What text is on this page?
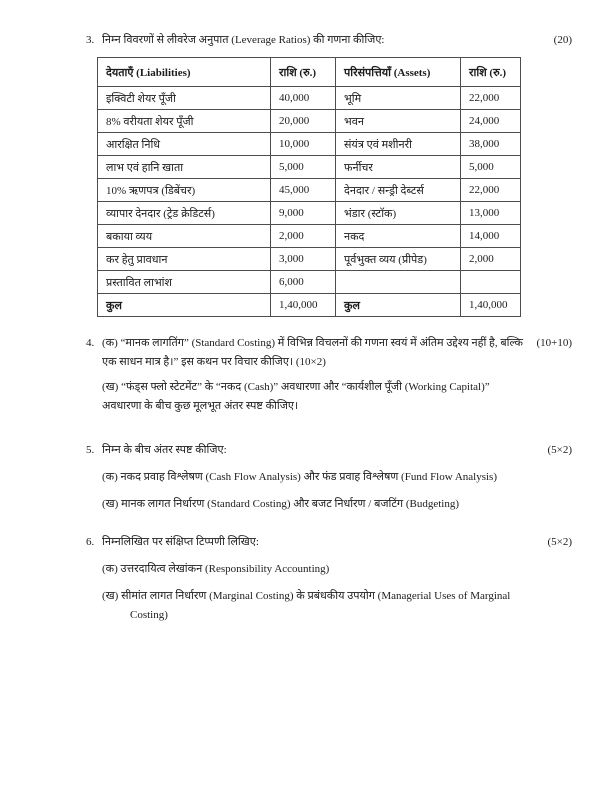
3. निम्न विवरणों से लीवरेज अनुपात (Leverage Ratios) की गणना कीजिए:
देयताएँ (Liabilities)	राशि (रु.)	परिसंपत्तियाँ (Assets)	राशि (रु.)
इक्विटी शेयर पूँजी	40,000	भूमि	22,000
8% वरीयता शेयर पूँजी	20,000	भवन	24,000
आरक्षित निधि	10,000	संयंत्र एवं मशीनरी	38,000
लाभ एवं हानि खाता	5,000	फर्नीचर	5,000
10% ऋणपत्र (डिबेंचर)	45,000	देनदार / सन्ड्री देब्टर्स	22,000
व्यापार देनदार (ट्रेड क्रेडिटर्स)	9,000	भंडार (स्टॉक)	13,000
बकाया व्यय	2,000	नकद	14,000
कर हेतु प्रावधान	3,000	पूर्वभुक्त व्यय (प्रीपेड)	2,000
प्रस्तावित लाभांश	6,000		
कुल	1,40,000	कुल	1,40,000
(20)
4. (क) “मानक लागतिंग” (Standard Costing) में विभिन्न विचलनों की गणना स्वयं में अंतिम उद्देश्य नहीं है, बल्कि एक साधन मात्र है।” इस कथन पर विचार कीजिए। (10×2)
(ख) “फंड्स फ्लो स्टेटमेंट” के “नकद (Cash)” अवधारणा और “कार्यशील पूँजी (Working Capital)” अवधारणा के बीच कुछ मूलभूत अंतर स्पष्ट कीजिए।
(10+10)
5. निम्न के बीच अंतर स्पष्ट कीजिए:
(क) नकद प्रवाह विश्लेषण (Cash Flow Analysis) और फंड प्रवाह विश्लेषण (Fund Flow Analysis)
(ख) मानक लागत निर्धारण (Standard Costing) और बजट निर्धारण / बजटिंग (Budgeting)
(5×2)
6. निम्नलिखित पर संक्षिप्त टिप्पणी लिखिए:
(क) उत्तरदायित्व लेखांकन (Responsibility Accounting)
(ख) सीमांत लागत निर्धारण (Marginal Costing) के प्रबंधकीय उपयोग (Managerial Uses of Marginal Costing)
(5×2)
